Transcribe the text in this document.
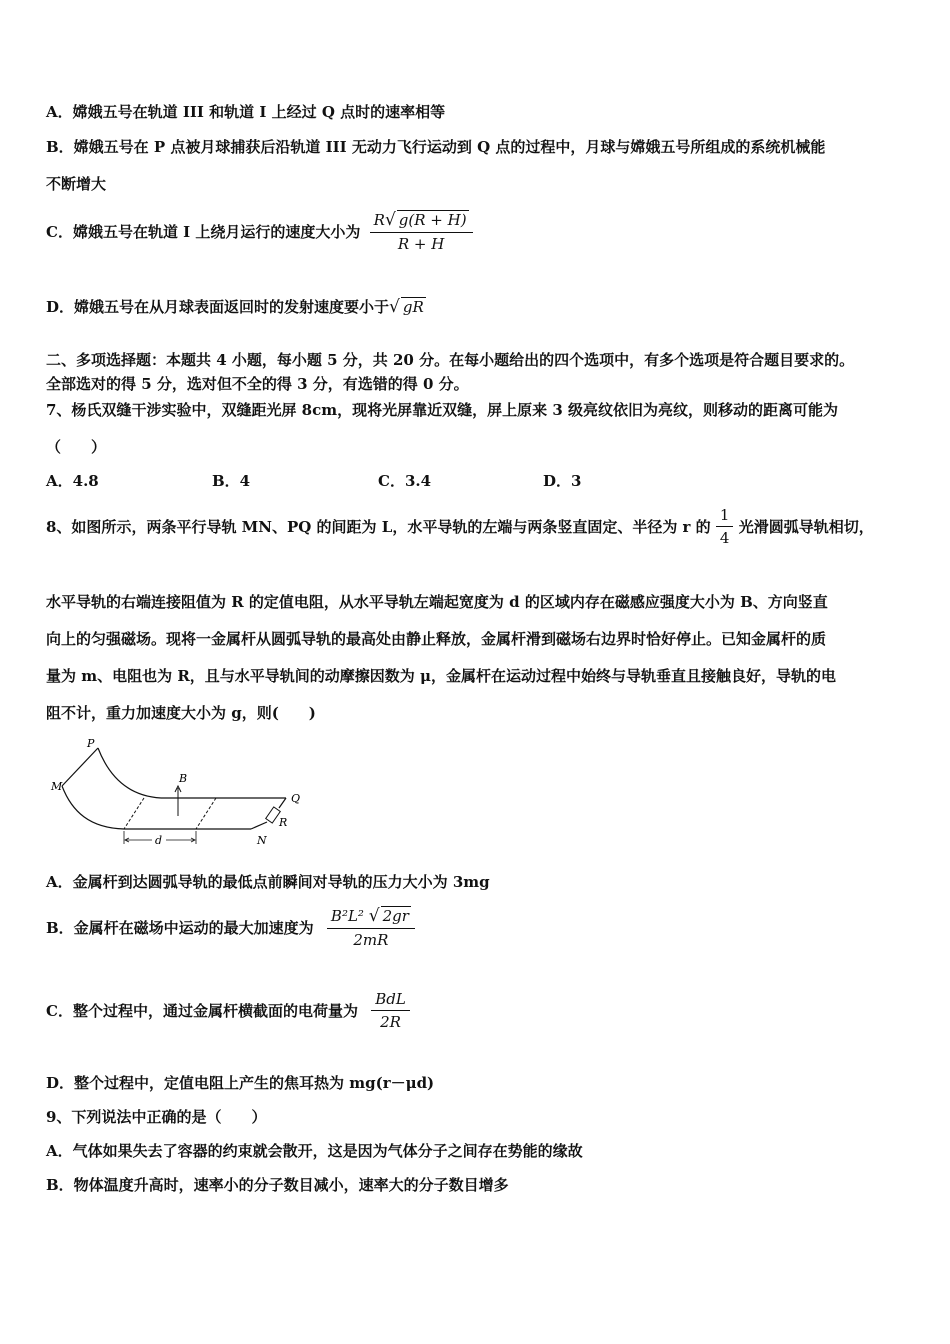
A．嫦娥五号在轨道 III 和轨道 I 上经过 Q 点时的速率相等
B．嫦娥五号在 P 点被月球捕获后沿轨道 III 无动力飞行运动到 Q 点的过程中，月球与嫦娥五号所组成的系统机械能
不断增大
C．嫦娥五号在轨道 I 上绕月运行的速度大小为 $\frac{R√ g(R + H)}{R + H}$
D．嫦娥五号在从月球表面返回时的发射速度要小于√ gR
二、多项选择题：本题共 4 小题，每小题 5 分，共 20 分。在每小题给出的四个选项中，有多个选项是符合题目要求的。
全部选对的得 5 分，选对但不全的得 3 分，有选错的得 0 分。
7、杨氏双缝干涉实验中，双缝距光屏 8cm，现将光屏靠近双缝，屏上原来 3 级亮纹依旧为亮纹，则移动的距离可能为
（　　）
A．4.8	B．4	C．3.4	D．3
8、如图所示，两条平行导轨 MN、PQ 的间距为 L，水平导轨的左端与两条竖直固定、半径为 r 的 $\frac{1}{4}$ 光滑圆弧导轨相切，
水平导轨的右端连接阻值为 R 的定值电阻，从水平导轨左端起宽度为 d 的区域内存在磁感应强度大小为 B、方向竖直
向上的匀强磁场。现将一金属杆从圆弧导轨的最高处由静止释放，金属杆滑到磁场右边界时恰好停止。已知金属杆的质
量为 m、电阻也为 R，且与水平导轨间的动摩擦因数为 μ，金属杆在运动过程中始终与导轨垂直且接触良好，导轨的电
阻不计，重力加速度大小为 g，则(　　)
P
M
B
Q
R
N
d
A．金属杆到达圆弧导轨的最低点前瞬间对导轨的压力大小为 3mg
B．金属杆在磁场中运动的最大加速度为 $\frac{\text{B²L² √ 2gr}}{2mR}$
C．整个过程中，通过金属杆横截面的电荷量为 $\frac{\text{BdL}}{2R}$
D．整个过程中，定值电阻上产生的焦耳热为 mg(r－μd)
9、下列说法中正确的是（　　）
A．气体如果失去了容器的约束就会散开，这是因为气体分子之间存在势能的缘故
B．物体温度升高时，速率小的分子数目减小，速率大的分子数目增多
